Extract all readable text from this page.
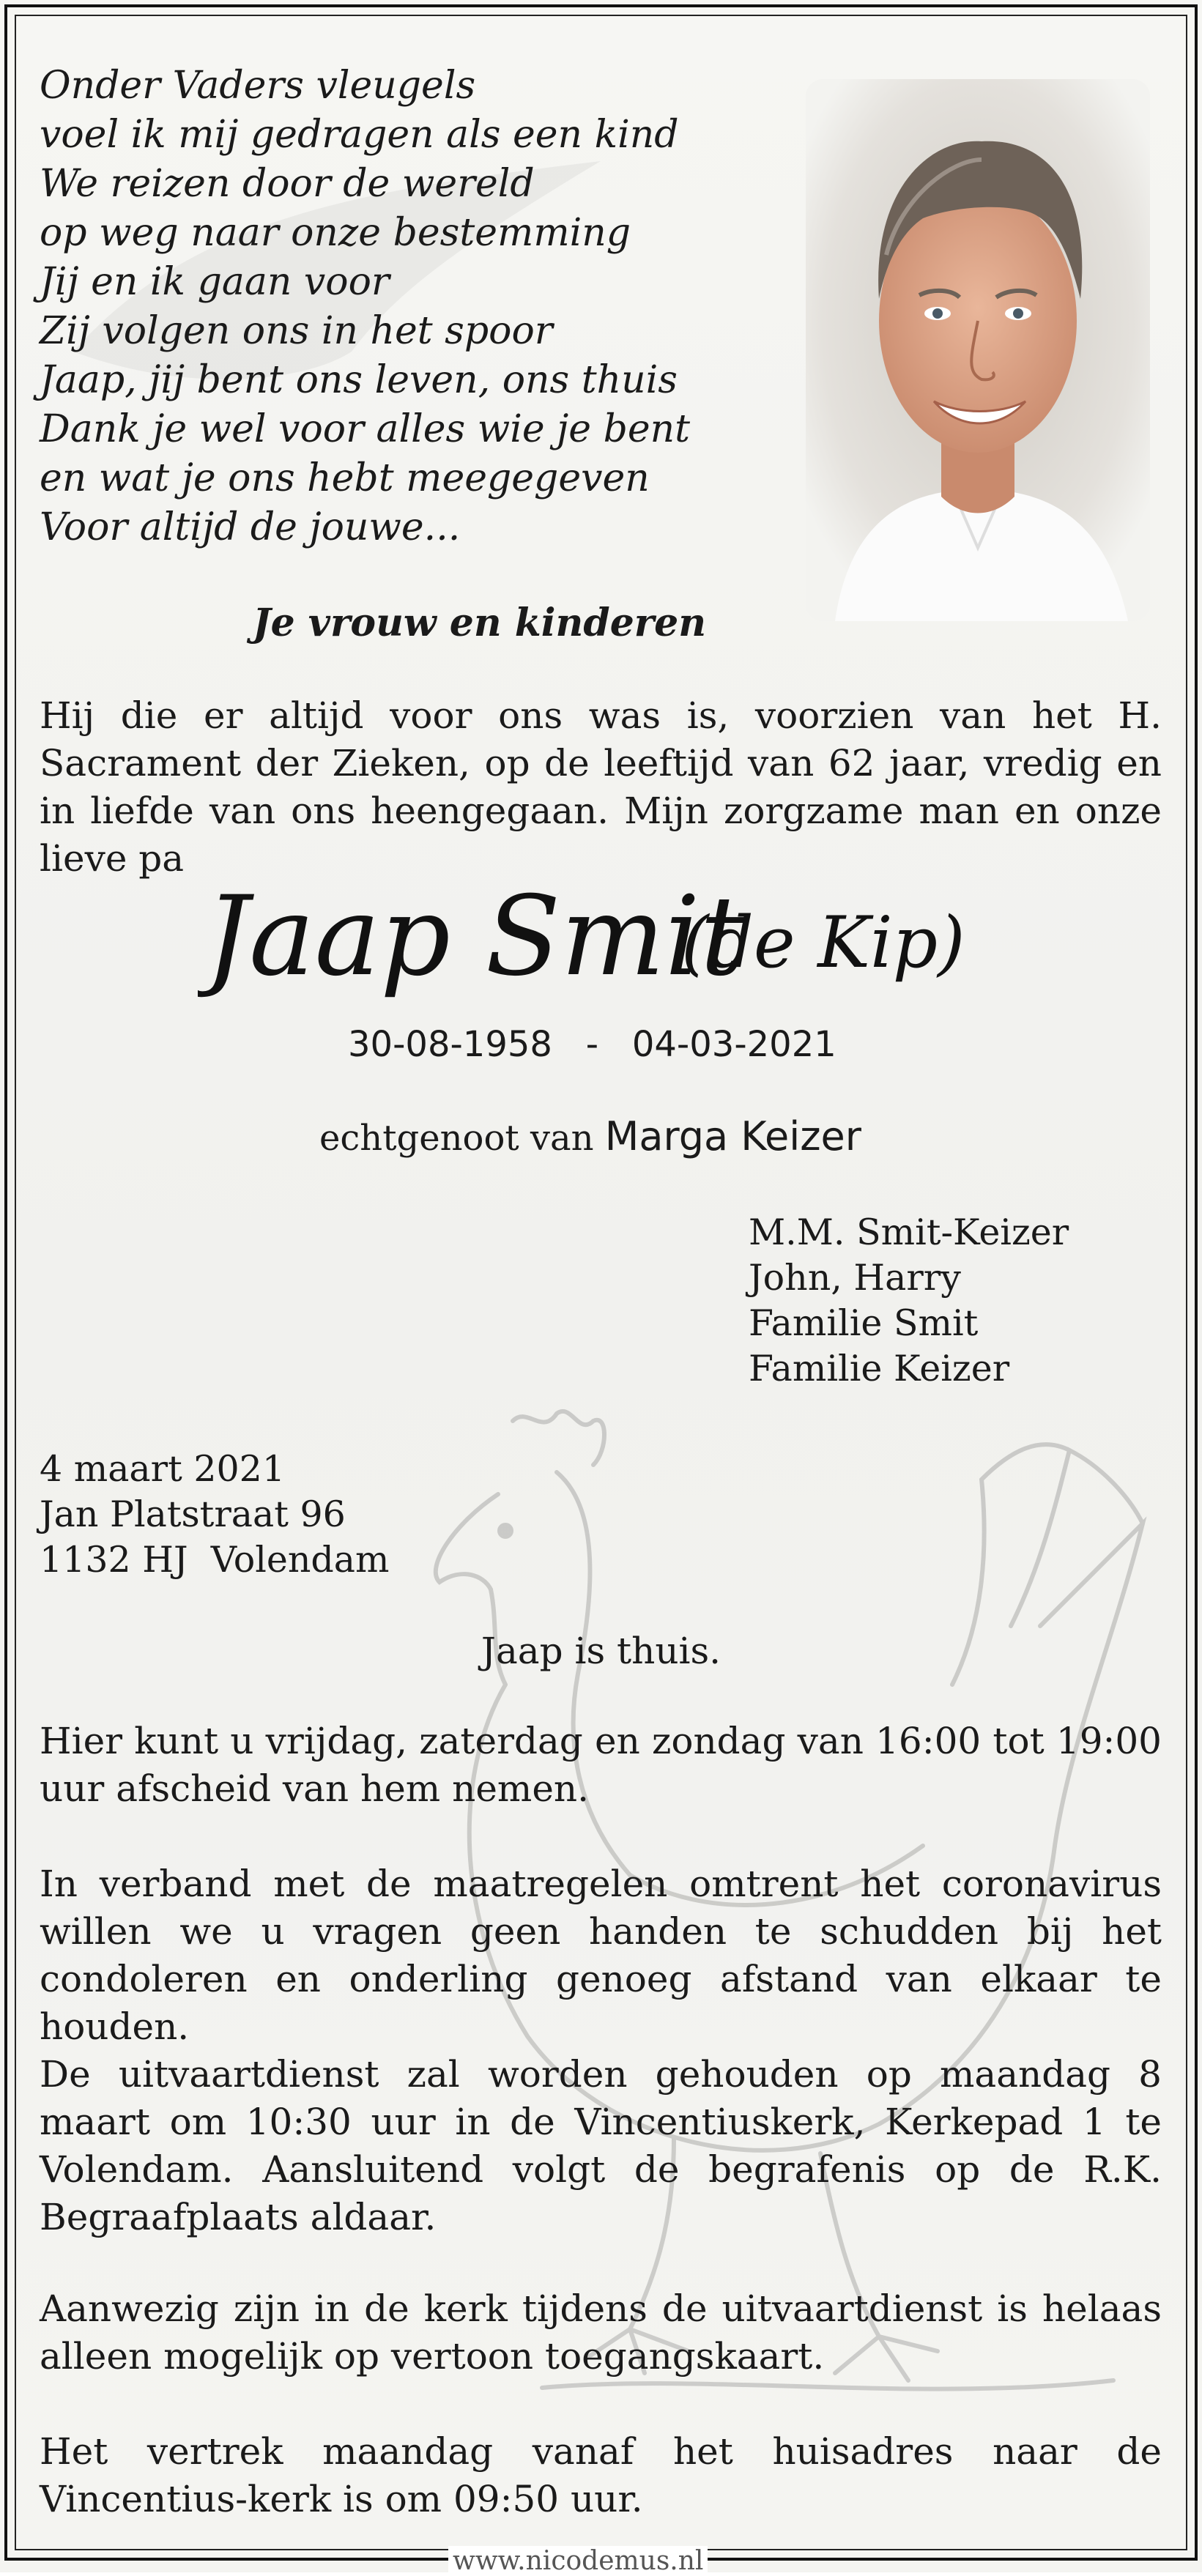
Onder Vaders vleugels
voel ik mij gedragen als een kind
We reizen door de wereld
op weg naar onze bestemming
Jij en ik gaan voor
Zij volgen ons in het spoor
Jaap, jij bent ons leven, ons thuis
Dank je wel voor alles wie je bent
en wat je ons hebt meegegeven
Voor altijd de jouwe...
Je vrouw en kinderen

Hij die er altijd voor ons was is, voorzien van het H. Sacrament der Zieken, op de leeftijd van 62 jaar, vredig en in liefde van ons heengegaan. Mijn zorgzame man en onze lieve pa

Jaap Smit
(de Kip)
30-08-1958 - 04-03-2021
echtgenoot van Marga Keizer
M.M. Smit-Keizer
John, Harry
Familie Smit
Familie Keizer
4 maart 2021
Jan Platstraat 96
1132 HJ  Volendam
Jaap is thuis.

Hier kunt u vrijdag, zaterdag en zondag van 16:00 tot 19:00 uur afscheid van hem nemen.

In verband met de maatregelen omtrent het coronavirus willen we u vragen geen handen te schudden bij het condoleren en onderling genoeg afstand van elkaar te houden.

De uitvaartdienst zal worden gehouden op maandag 8 maart om 10:30 uur in de Vincentiuskerk, Kerkepad 1 te Volendam. Aansluitend volgt de begrafenis op de R.K. Begraafplaats aldaar.

Aanwezig zijn in de kerk tijdens de uitvaartdienst is helaas alleen mogelijk op vertoon toegangskaart.

Het vertrek maandag vanaf het huisadres naar de Vincentius-kerk is om 09:50 uur.

www.nicodemus.nl
